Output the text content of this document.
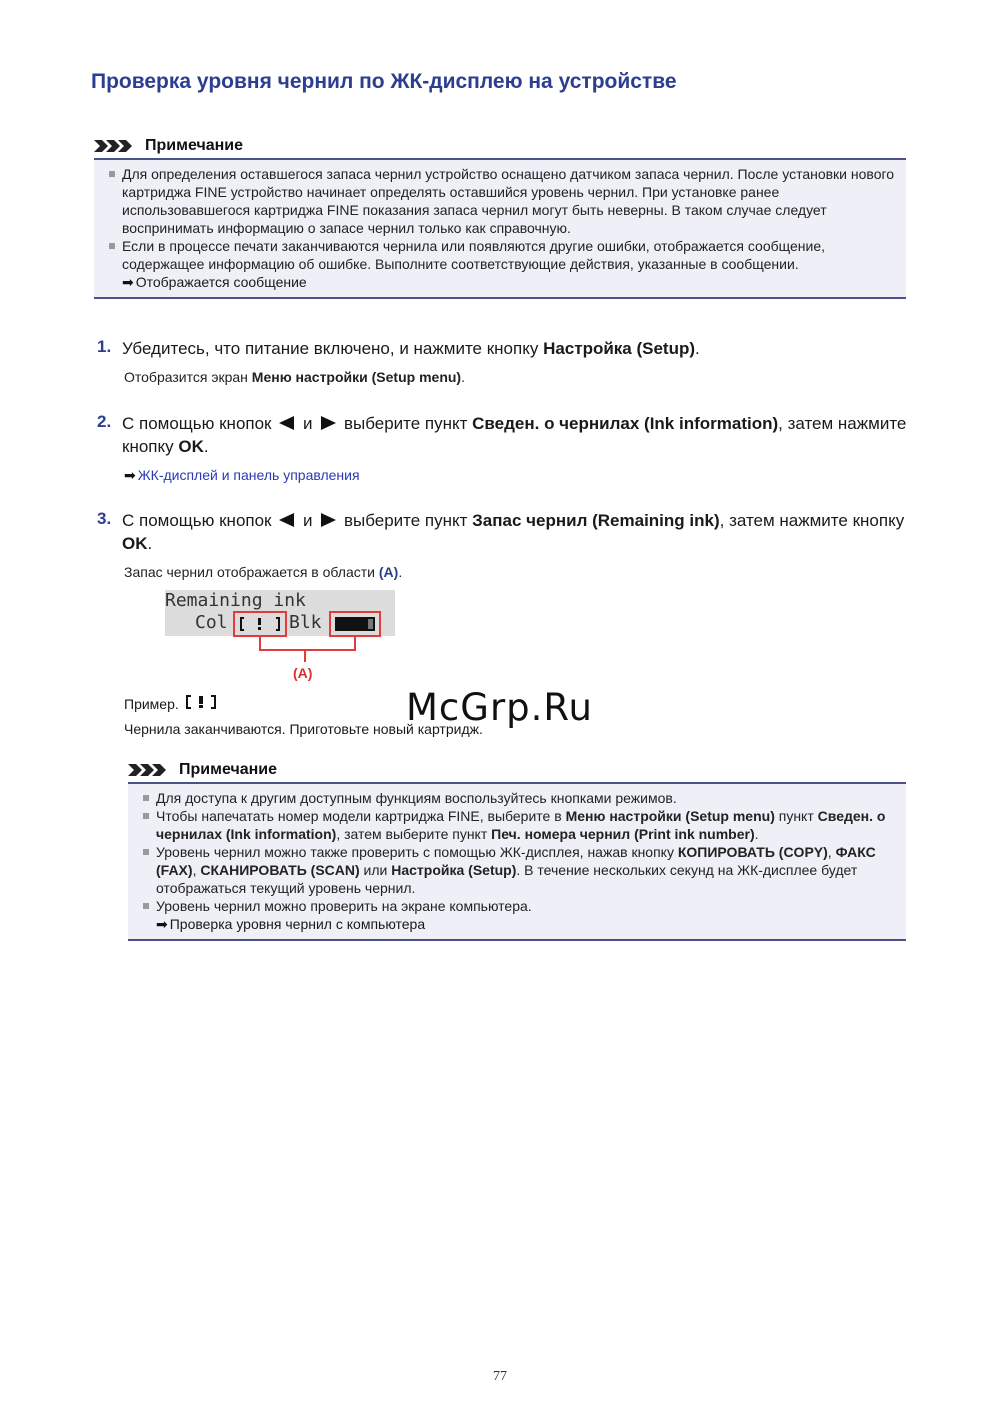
Проверка уровня чернил по ЖК-дисплею на устройстве
Примечание
Для определения оставшегося запаса чернил устройство оснащено датчиком запаса чернил. После установки нового картриджа FINE устройство начинает определять оставшийся уровень чернил. При установке ранее использовавшегося картриджа FINE показания запаса чернил могут быть неверны. В таком случае следует воспринимать информацию о запасе чернил только как справочную.
Если в процессе печати заканчиваются чернила или появляются другие ошибки, отображается сообщение, содержащее информацию об ошибке. Выполните соответствующие действия, указанные в сообщении.
➡ Отображается сообщение
1. Убедитесь, что питание включено, и нажмите кнопку Настройка (Setup).
Отобразится экран Меню настройки (Setup menu).
2. С помощью кнопок и выберите пункт Сведен. о чернилах (Ink information), затем нажмите кнопку OK.
➡ ЖК-дисплей и панель управления
3. С помощью кнопок и выберите пункт Запас чернил (Remaining ink), затем нажмите кнопку OK.
Запас чернил отображается в области (A).
Remaining ink
Col	Blk
(A)
Пример.
Чернила заканчиваются. Приготовьте новый картридж.
McGrp.Ru
Примечание
Для доступа к другим доступным функциям воспользуйтесь кнопками режимов.
Чтобы напечатать номер модели картриджа FINE, выберите в Меню настройки (Setup menu) пункт Сведен. о чернилах (Ink information), затем выберите пункт Печ. номера чернил (Print ink number).
Уровень чернил можно также проверить с помощью ЖК-дисплея, нажав кнопку КОПИРОВАТЬ (COPY), ФАКС (FAX), СКАНИРОВАТЬ (SCAN) или Настройка (Setup). В течение нескольких секунд на ЖК-дисплее будет отображаться текущий уровень чернил.
Уровень чернил можно проверить на экране компьютера.
➡ Проверка уровня чернил с компьютера
77
